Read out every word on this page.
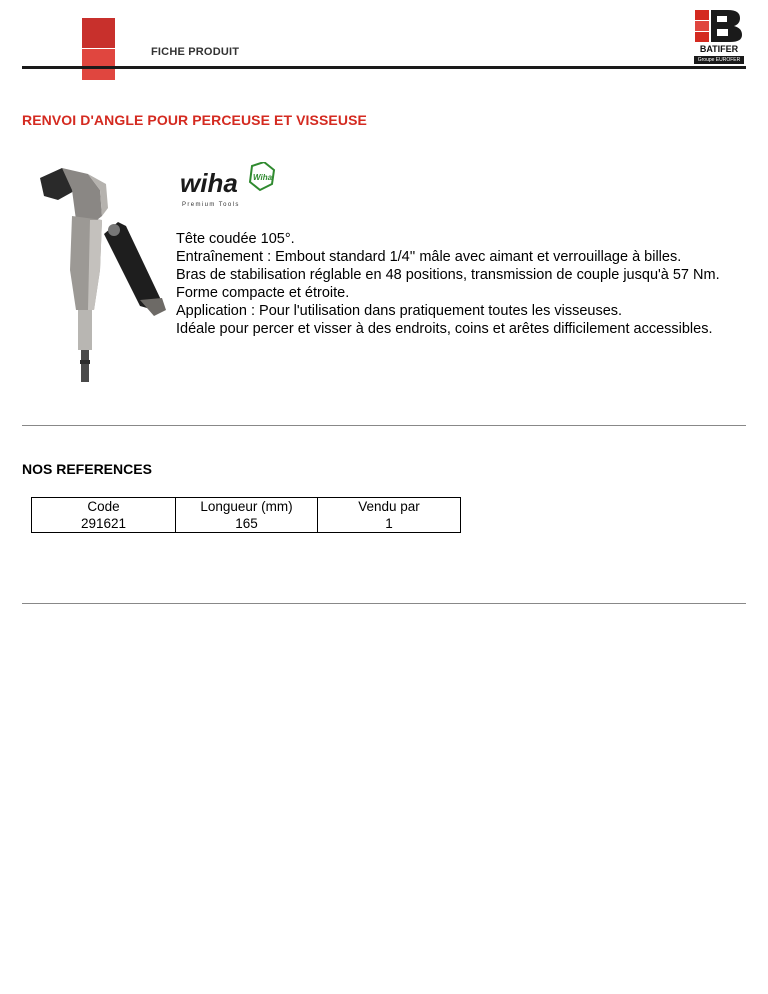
FICHE PRODUIT	BATIFER
Groupe EUROFER
RENVOI D'ANGLE POUR PERCEUSE ET VISSEUSE
wiha Wiha
Premium Tools

Tête coudée 105°.

Entraînement : Embout standard 1/4'' mâle avec aimant et verrouillage à billes.

Bras de stabilisation réglable en 48 positions, transmission de couple jusqu'à 57 Nm.

Forme compacte et étroite.

Application : Pour l'utilisation dans pratiquement toutes les visseuses.

Idéale pour percer et visser à des endroits, coins et arêtes difficilement accessibles.

NOS REFERENCES
Code	Longueur (mm)	Vendu par
291621	165	1
